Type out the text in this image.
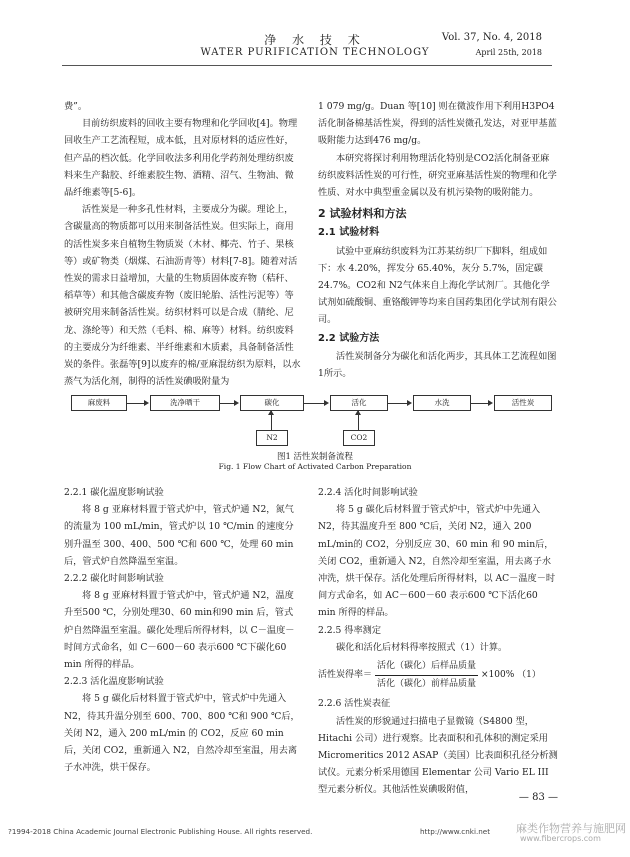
净 水 技 术
WATER PURIFICATION TECHNOLOGY
Vol. 37, No. 4, 2018
April 25th, 2018

费”。

目前纺织废料的回收主要有物理和化学回收[4]。物理回收生产工艺流程短，成本低，且对原材料的适应性好，但产品的档次低。化学回收法多利用化学药剂处理纺织废料来生产黏胶、纤维素胶生物、酒精、沼气、生物油、微晶纤维素等[5-6]。

活性炭是一种多孔性材料，主要成分为碳。理论上，含碳量高的物质都可以用来制备活性炭。但实际上，商用的活性炭多来自植物生物质炭（木材、椰壳、竹子、果核等）或矿物类（烟煤、石油沥青等）材料[7-8]。随着对活性炭的需求日益增加，大量的生物质固体废弃物（秸秆、稻草等）和其他含碳废弃物（废旧轮胎、活性污泥等）等被研究用来制备活性炭。纺织材料可以是合成（腈纶、尼龙、涤纶等）和天然（毛料、棉、麻等）材料。纺织废料的主要成分为纤维素、半纤维素和木质素，具备制备活性炭的条件。张磊等[9]以废弃的棉/亚麻混纺织为原料，以水蒸气为活化剂，制得的活性炭碘吸附量为

1 079 mg/g。Duan 等[10] 则在微波作用下利用H3PO4活化制备棉基活性炭，得到的活性炭微孔发达，对亚甲基蓝吸附能力达到476 mg/g。

本研究将探讨利用物理活化特别是CO2活化制备亚麻纺织废料活性炭的可行性，研究亚麻基活性炭的物理和化学性质、对水中典型重金属以及有机污染物的吸附能力。

2 试验材料和方法
2.1 试验材料

试验中亚麻纺织废料为江苏某纺织厂下脚料，组成如下：水 4.20%，挥发分 65.40%，灰分 5.7%，固定碳 24.7%。CO2和 N2气体来自上海化学试剂厂。其他化学试剂如硫酸铜、重铬酸钾等均来自国药集团化学试剂有限公司。

2.2 试验方法

活性炭制备分为碳化和活化两步，其具体工艺流程如图1所示。

麻废料	洗净晒干	碳化	活化	水洗	活性炭
N2	CO2
图1 活性炭制备流程
Fig. 1 Flow Chart of Activated Carbon Preparation
2.2.1 碳化温度影响试验

将 8 g 亚麻材料置于管式炉中，管式炉通 N2，氮气的流量为 100 mL/min，管式炉以 10 ℃/min 的速度分别升温至 300、400、500 ℃和 600 ℃，处理 60 min后，管式炉自然降温至室温。

2.2.2 碳化时间影响试验

将 8 g 亚麻材料置于管式炉中，管式炉通 N2，温度升至500 ℃，分别处理30、60 min和90 min 后，管式炉自然降温至室温。碳化处理后所得材料，以 C－温度－时间方式命名，如 C－600－60 表示600 ℃下碳化60 min 所得的样品。

2.2.3 活化温度影响试验

将 5 g 碳化后材料置于管式炉中，管式炉中先通入 N2，待其升温分别至 600、700、800 ℃和 900 ℃后，关闭 N2，通入 200 mL/min 的 CO2，反应 60 min后，关闭 CO2，重新通入 N2，自然冷却至室温，用去离子水冲洗，烘干保存。

2.2.4 活化时间影响试验

将 5 g 碳化后材料置于管式炉中，管式炉中先通入 N2，待其温度升至 800 ℃后，关闭 N2，通入 200 mL/min的 CO2，分别反应 30、60 min 和 90 min后，关闭 CO2，重新通入 N2，自然冷却至室温，用去离子水冲洗，烘干保存。活化处理后所得材料，以 AC－温度－时间方式命名，如 AC－600－60 表示600 ℃下活化60 min 所得的样品。

2.2.5 得率测定

碳化和活化后材料得率按照式（1）计算。

活性炭得率＝ $\frac{\text{活化（碳化）后样品质量}}{\text{活化（碳化）前样品质量}} \times 100\%$ （1）
2.2.6 活性炭表征

活性炭的形貌通过扫描电子显微镜（S4800 型，Hitachi 公司）进行观察。比表面积和孔体积的测定采用 Micromeritics 2012 ASAP（美国）比表面积孔径分析测试仪。元素分析采用德国 Elementar 公司 Vario EL III 型元素分析仪。其他活性炭碘吸附值，

— 83 —
?1994-2018 China Academic Journal Electronic Publishing House. All rights reserved.	http://www.cnki.net 麻类作物营养与施肥网
www.fibercrops.com
